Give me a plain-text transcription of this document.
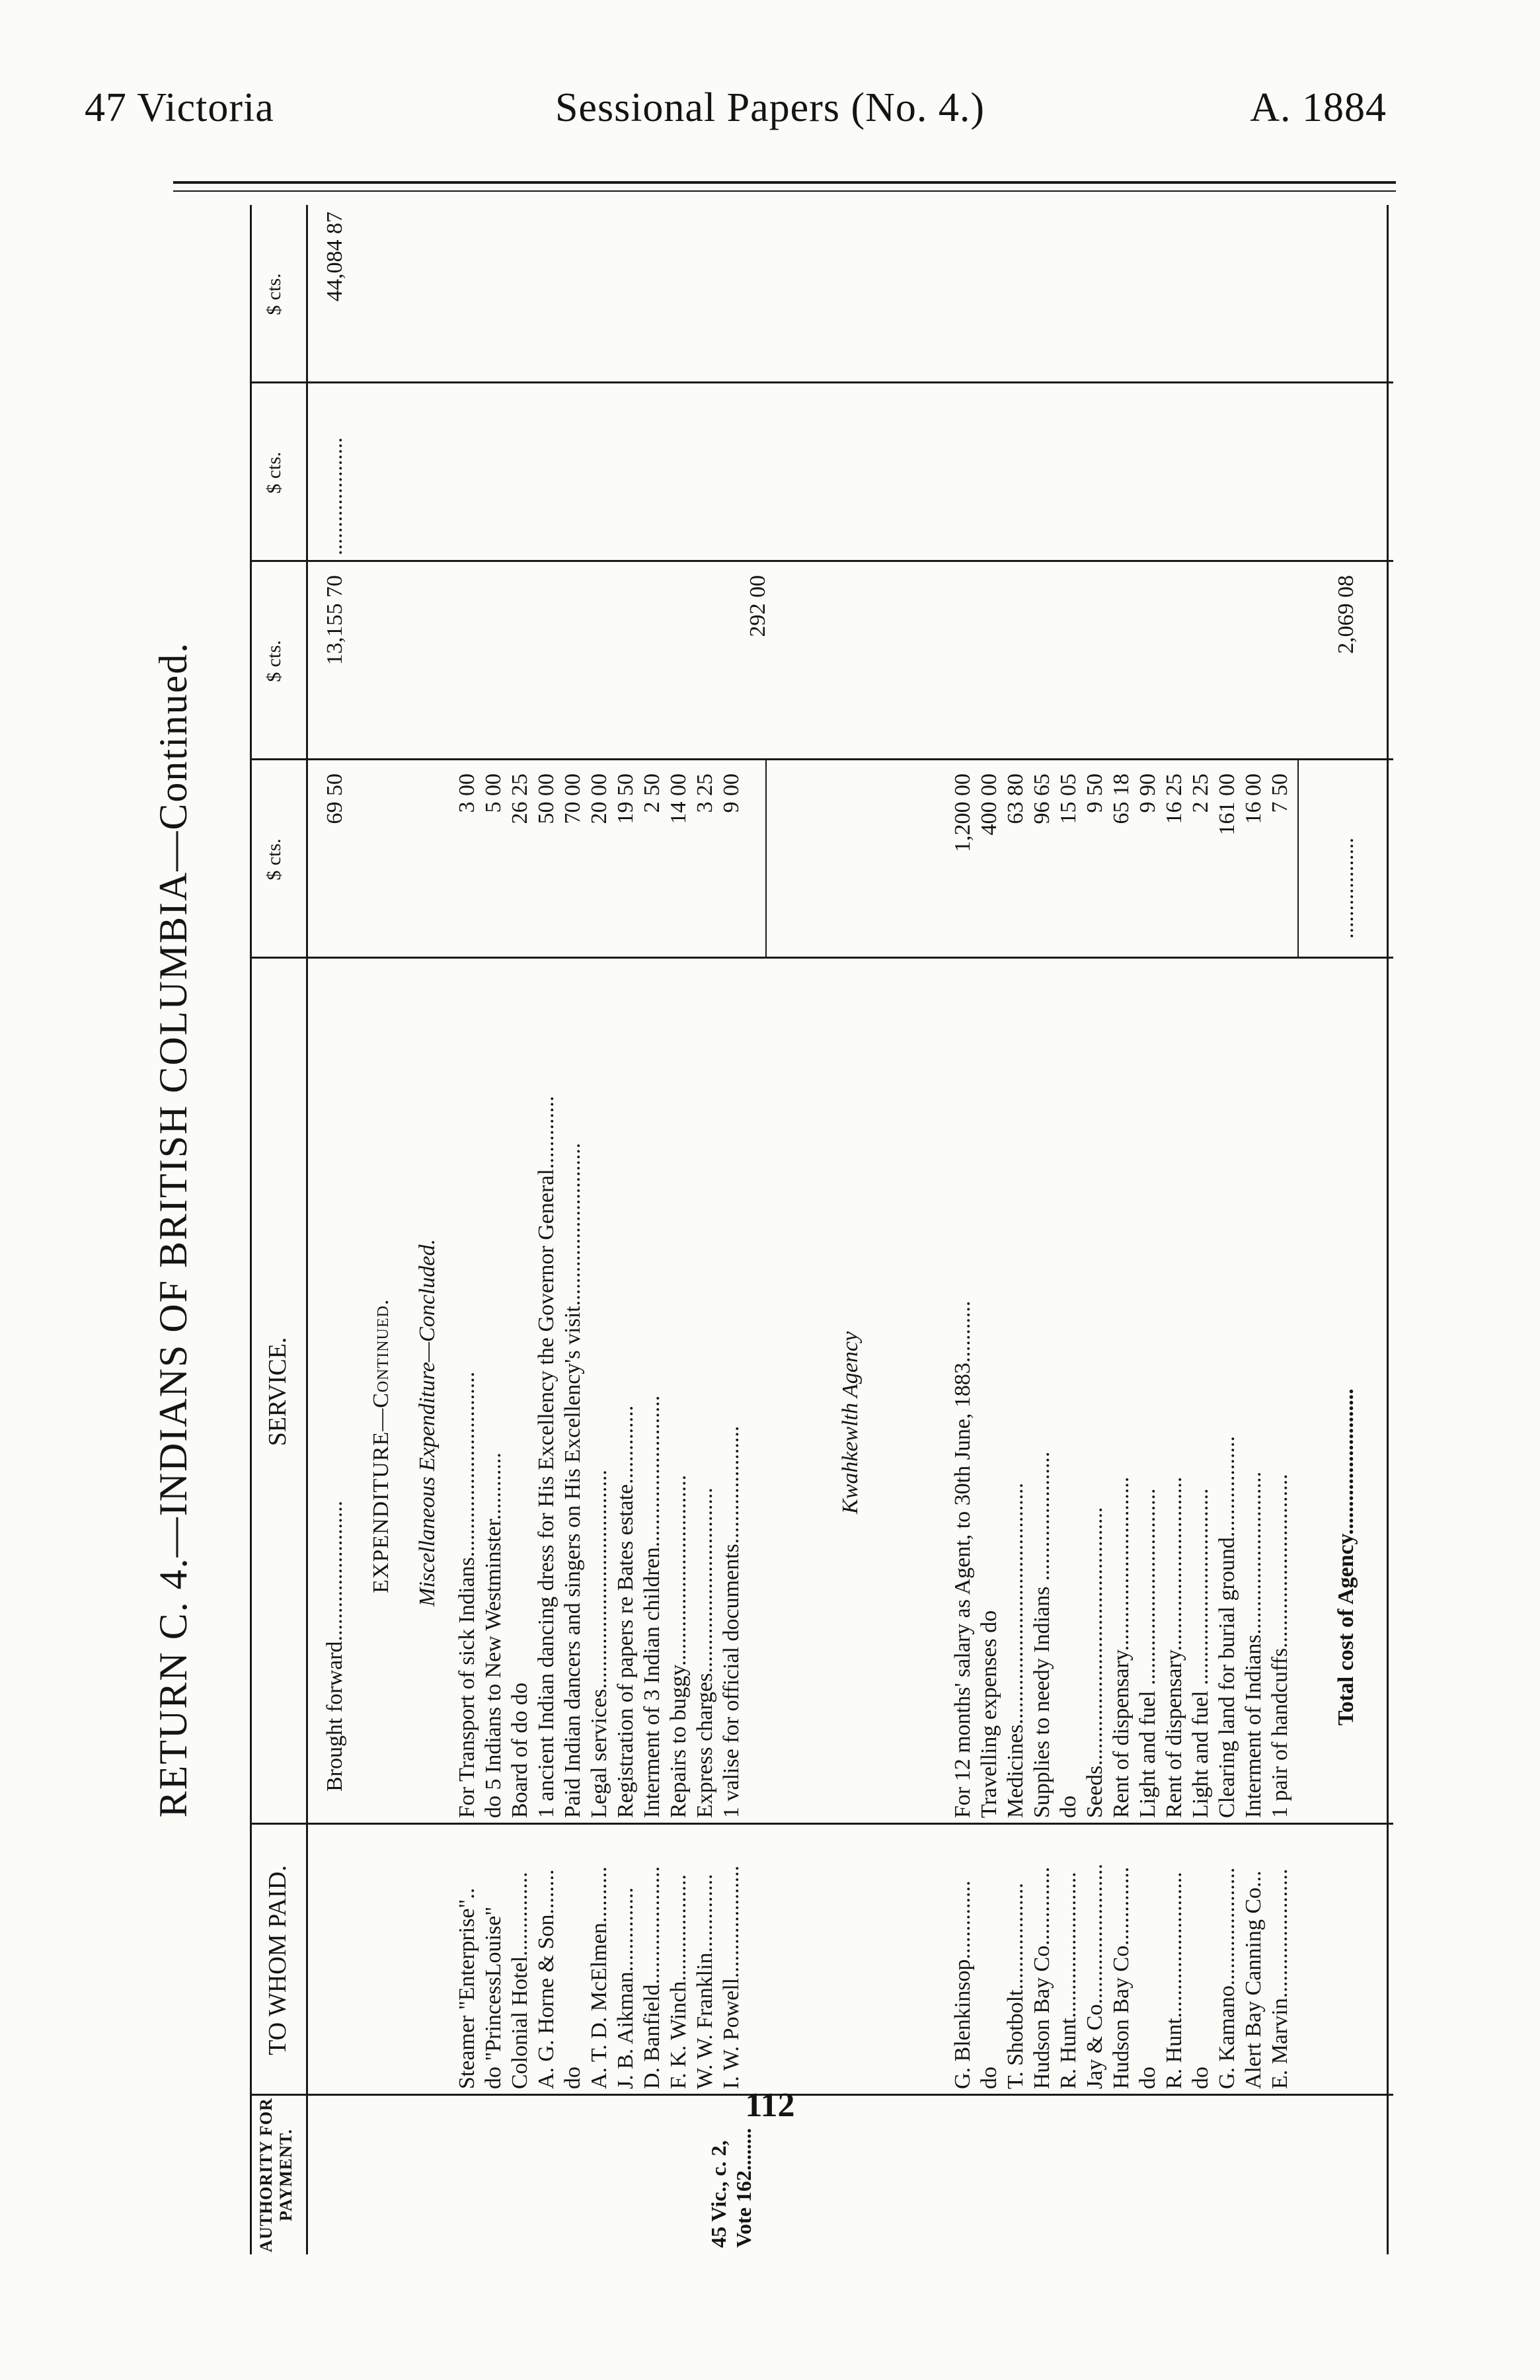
47 Victoria	Sessional Papers (No. 4.)	A. 1884
RETURN C. 4.—INDIANS OF BRITISH COLUMBIA—Continued.
AUTHORITY FOR PAYMENT.
TO WHOM PAID.
SERVICE.
$ cts.
$ cts.
$ cts.
$ cts.
45 Vic., c. 2, Vote 162........
Brought forward.........................
69 50
13,155 70
.....................
44,084 87
EXPENDITURE—Continued. Miscellaneous Expenditure—Concluded.
Steamer "Enterprise"..
For Transport of sick Indians.................................
3 00
do "PrincessLouise"
do 5 Indians to New Westminster............
5 00
Colonial Hotel...............
Board of do do
26 25
A. G. Horne & Son........
1 ancient Indian dancing dress for His Excellency the Governor General.............
50 00
do
Paid Indian dancers and singers on His Excellency's visit.............................
70 00
A. T. D. McElmen..........
Legal services.......................................
20 00
J. B. Aikman...............
Registration of papers re Bates estate..............
19 50
D. Banfield.....................
Interment of 3 Indian children...........................
2 50
F. K. Winch...................
Repairs to buggy..................................
14 00
W. W. Franklin..............
Express charges.................................
3 25
I. W. Powell....................
1 valise for official documents.....................
9 00
292 00
Kwahkewlth Agency
G. Blenkinsop..............
For 12 months' salary as Agent, to 30th June, 1883...........
1,200 00
do
Travelling expenses do
400 00
T. Shotbolt...................
Medicines...........................................
63 80
Hudson Bay Co..............
Supplies to needy Indians .......................
96 65
R. Hunt..........................
do
15 05
Jay & Co.........................
Seeds..............................................
9 50
Hudson Bay Co..............
Rent of dispensary...............................
65 18
do
Light and fuel ...................................
9 90
R. Hunt..........................
Rent of dispensary...............................
16 25
do
Light and fuel ...................................
2 25
G. Kamano.....................
Clearing land for burial ground..................
161 00
Alert Bay Canning Co...
Interment of Indians.............................
16 00
E. Marvin.......................
1 pair of handcuffs...............................
7 50
Total cost of Agency..........................
..................
2,069 08
112
